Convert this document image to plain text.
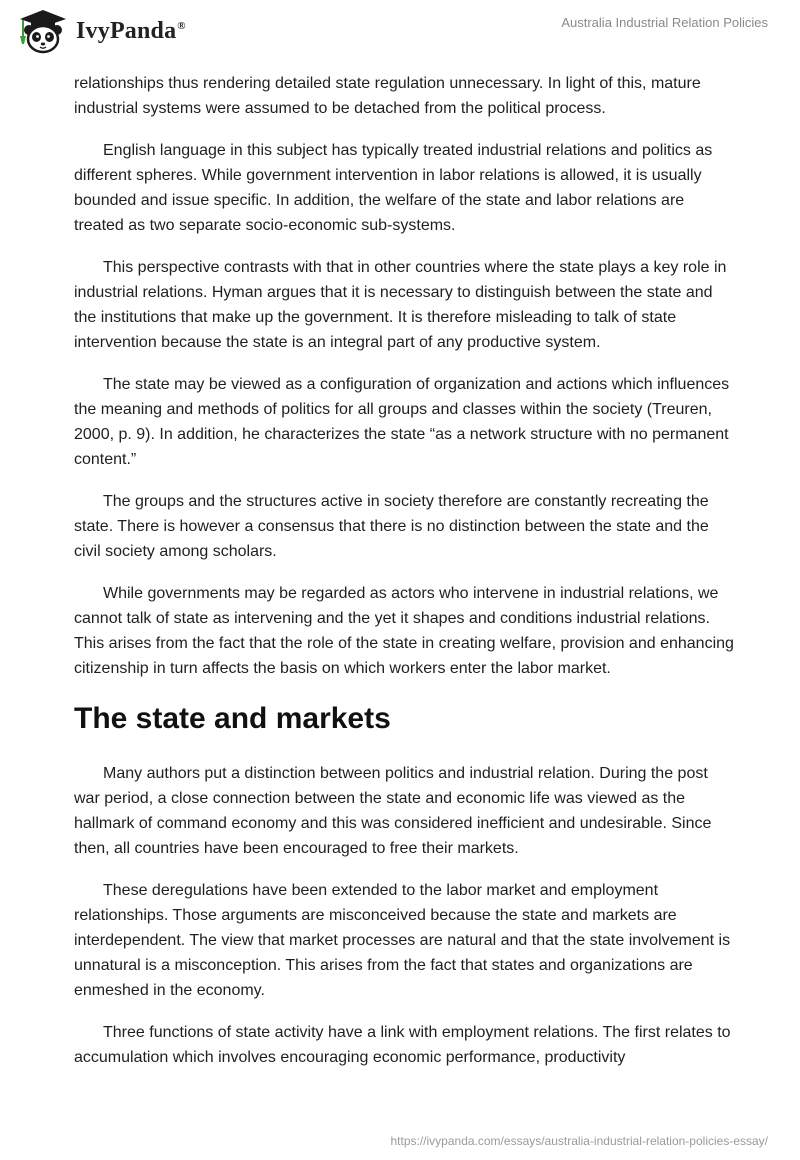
IvyPanda®	Australia Industrial Relation Policies

relationships thus rendering detailed state regulation unnecessary. In light of this, mature industrial systems were assumed to be detached from the political process.

English language in this subject has typically treated industrial relations and politics as different spheres. While government intervention in labor relations is allowed, it is usually bounded and issue specific. In addition, the welfare of the state and labor relations are treated as two separate socio-economic sub-systems.

This perspective contrasts with that in other countries where the state plays a key role in industrial relations. Hyman argues that it is necessary to distinguish between the state and the institutions that make up the government. It is therefore misleading to talk of state intervention because the state is an integral part of any productive system.

The state may be viewed as a configuration of organization and actions which influences the meaning and methods of politics for all groups and classes within the society (Treuren, 2000, p. 9). In addition, he characterizes the state “as a network structure with no permanent content.”

The groups and the structures active in society therefore are constantly recreating the state. There is however a consensus that there is no distinction between the state and the civil society among scholars.

While governments may be regarded as actors who intervene in industrial relations, we cannot talk of state as intervening and the yet it shapes and conditions industrial relations. This arises from the fact that the role of the state in creating welfare, provision and enhancing citizenship in turn affects the basis on which workers enter the labor market.

The state and markets

Many authors put a distinction between politics and industrial relation. During the post war period, a close connection between the state and economic life was viewed as the hallmark of command economy and this was considered inefficient and undesirable. Since then, all countries have been encouraged to free their markets.

These deregulations have been extended to the labor market and employment relationships. Those arguments are misconceived because the state and markets are interdependent. The view that market processes are natural and that the state involvement is unnatural is a misconception. This arises from the fact that states and organizations are enmeshed in the economy.

Three functions of state activity have a link with employment relations. The first relates to accumulation which involves encouraging economic performance, productivity

https://ivypanda.com/essays/australia-industrial-relation-policies-essay/
